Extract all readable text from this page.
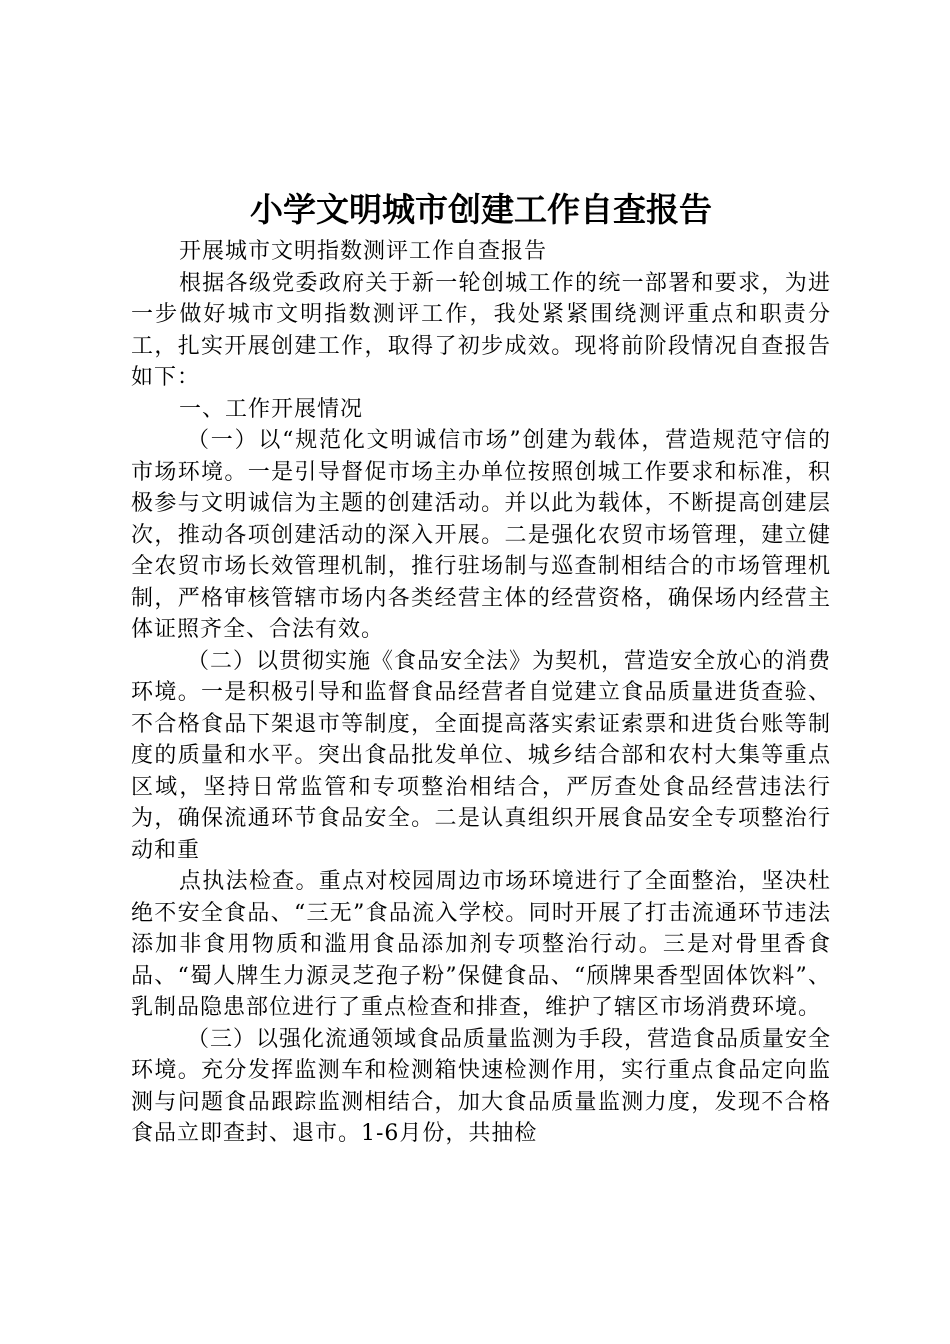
小学文明城市创建工作自查报告

开展城市文明指数测评工作自查报告

根据各级党委政府关于新一轮创城工作的统一部署和要求，为进一步做好城市文明指数测评工作，我处紧紧围绕测评重点和职责分工，扎实开展创建工作，取得了初步成效。现将前阶段情况自查报告如下：

一、工作开展情况

（一）以“规范化文明诚信市场”创建为载体，营造规范守信的市场环境。一是引导督促市场主办单位按照创城工作要求和标准，积极参与文明诚信为主题的创建活动。并以此为载体，不断提高创建层次，推动各项创建活动的深入开展。二是强化农贸市场管理，建立健全农贸市场长效管理机制，推行驻场制与巡查制相结合的市场管理机制，严格审核管辖市场内各类经营主体的经营资格，确保场内经营主体证照齐全、合法有效。

（二）以贯彻实施《食品安全法》为契机，营造安全放心的消费环境。一是积极引导和监督食品经营者自觉建立食品质量进货查验、不合格食品下架退市等制度，全面提高落实索证索票和进货台账等制度的质量和水平。突出食品批发单位、城乡结合部和农村大集等重点区域，坚持日常监管和专项整治相结合，严厉查处食品经营违法行为，确保流通环节食品安全。二是认真组织开展食品安全专项整治行动和重

点执法检查。重点对校园周边市场环境进行了全面整治，坚决杜绝不安全食品、“三无”食品流入学校。同时开展了打击流通环节违法添加非食用物质和滥用食品添加剂专项整治行动。三是对骨里香食品、“蜀人牌生力源灵芝孢子粉”保健食品、“颀牌果香型固体饮料”、乳制品隐患部位进行了重点检查和排查，维护了辖区市场消费环境。

（三）以强化流通领域食品质量监测为手段，营造食品质量安全环境。充分发挥监测车和检测箱快速检测作用，实行重点食品定向监测与问题食品跟踪监测相结合，加大食品质量监测力度，发现不合格食品立即查封、退市。1-6月份，共抽检
